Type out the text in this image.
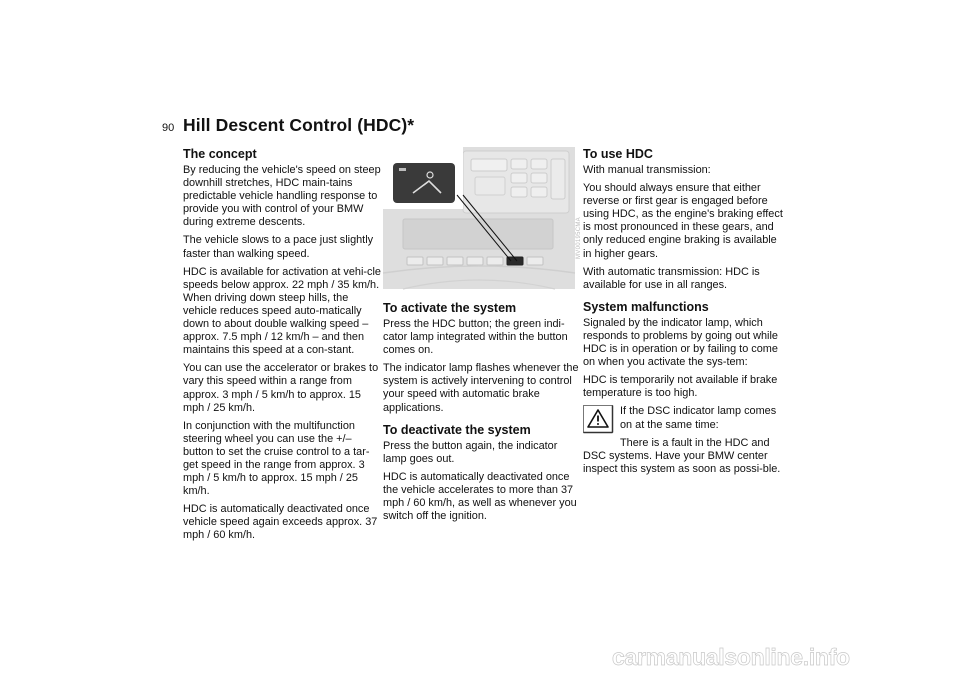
90 Hill Descent Control (HDC)*
The concept

By reducing the vehicle's speed on steep downhill stretches, HDC main-tains predictable vehicle handling response to provide you with control of your BMW during extreme descents.

The vehicle slows to a pace just slightly faster than walking speed.

HDC is available for activation at vehi-cle speeds below approx. 22 mph / 35 km/h. When driving down steep hills, the vehicle reduces speed auto-matically down to about double walking speed – approx. 7.5 mph / 12 km/h – and then maintains this speed at a con-stant.

You can use the accelerator or brakes to vary this speed within a range from approx. 3 mph / 5 km/h to approx. 15 mph / 25 km/h.

In conjunction with the multifunction steering wheel you can use the +/– button to set the cruise control to a tar-get speed in the range from approx. 3 mph / 5 km/h to approx. 15 mph / 25 km/h.

HDC is automatically deactivated once vehicle speed again exceeds approx. 37 mph / 60 km/h.

MV00195CMA
To activate the system

Press the HDC button; the green indi-cator lamp integrated within the button comes on.

The indicator lamp flashes whenever the system is actively intervening to control your speed with automatic brake applications.

To deactivate the system

Press the button again, the indicator lamp goes out.

HDC is automatically deactivated once the vehicle accelerates to more than 37 mph / 60 km/h, as well as whenever you switch off the ignition.

To use HDC

With manual transmission:

You should always ensure that either reverse or first gear is engaged before using HDC, as the engine's braking effect is most pronounced in these gears, and only reduced engine braking is available in higher gears.

With automatic transmission: HDC is available for use in all ranges.

System malfunctions

Signaled by the indicator lamp, which responds to problems by going out while HDC is in operation or by failing to come on when you activate the sys-tem:

HDC is temporarily not available if brake temperature is too high.

If the DSC indicator lamp comes on at the same time:

There is a fault in the HDC and DSC systems. Have your BMW center inspect this system as soon as possi-ble.

carmanualsonline.info
